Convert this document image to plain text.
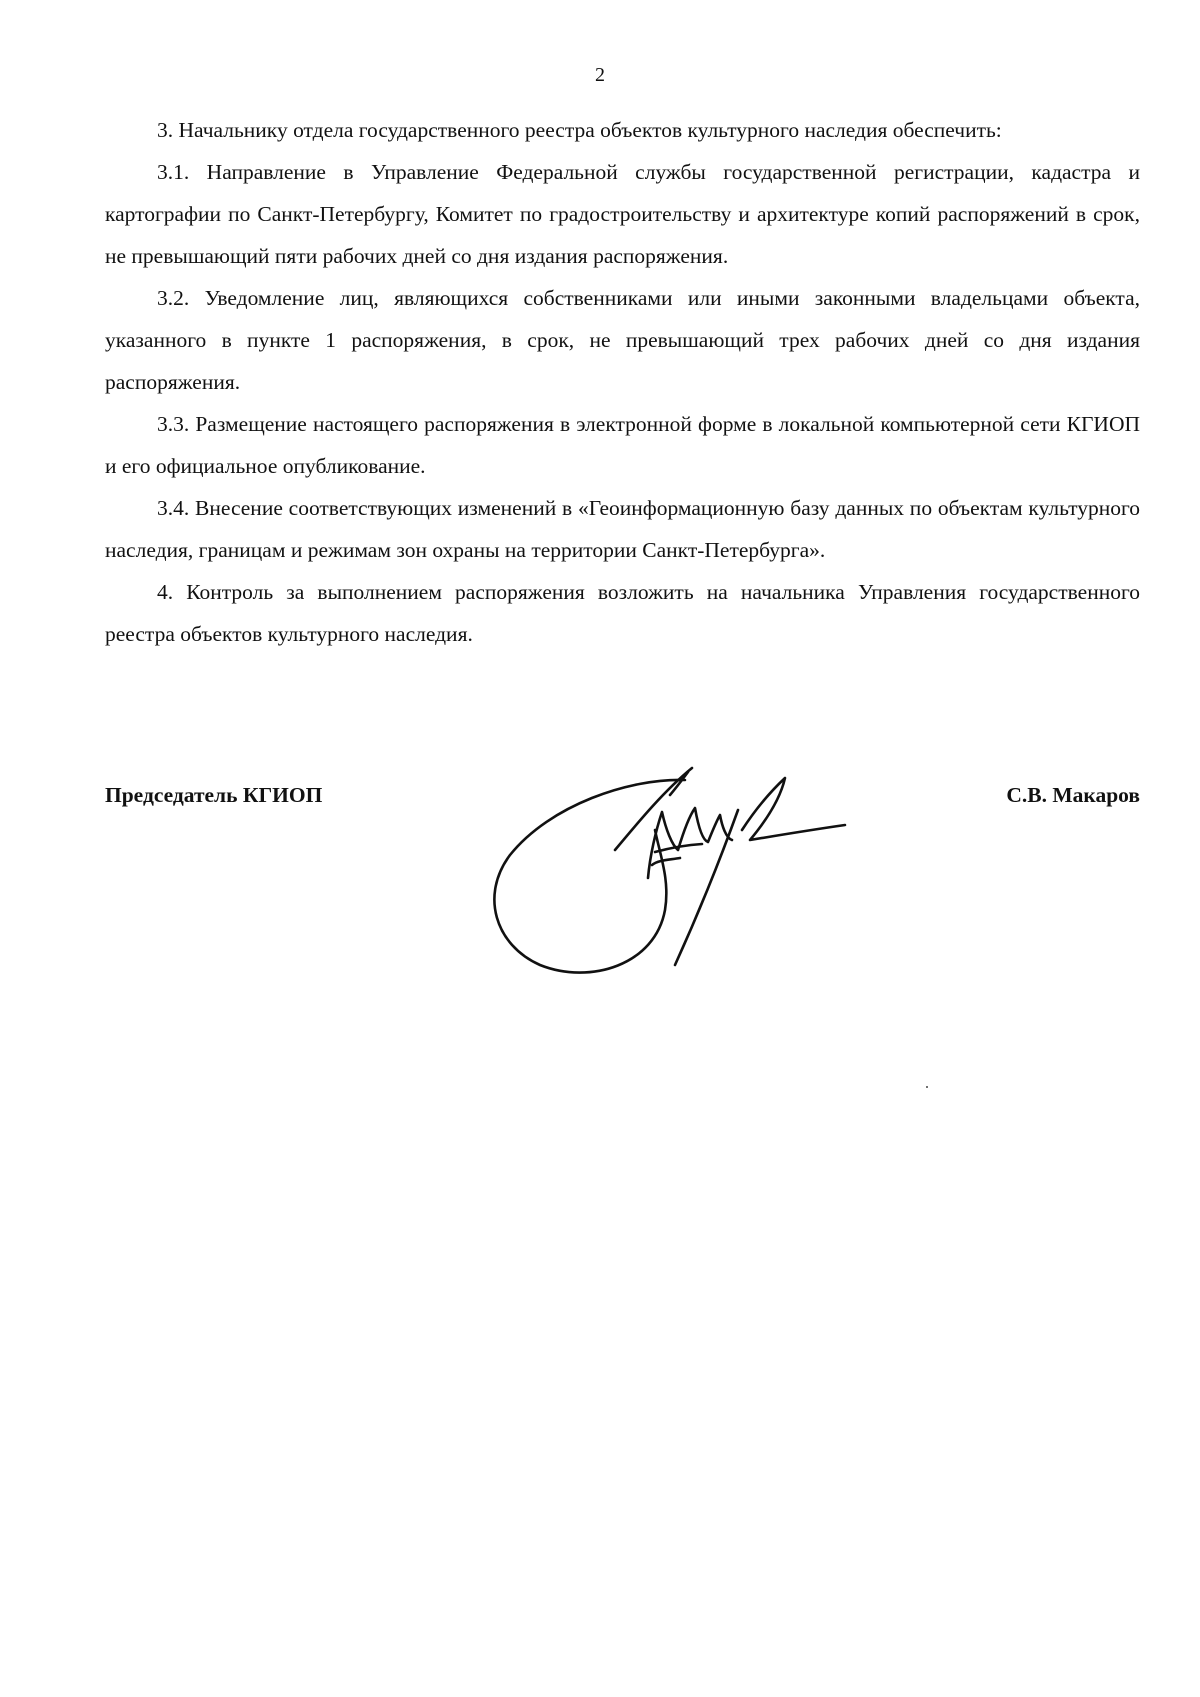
2

3. Начальнику отдела государственного реестра объектов культурного наследия обеспечить:

3.1. Направление в Управление Федеральной службы государственной регистрации, кадастра и картографии по Санкт-Петербургу, Комитет по градостроительству и архитектуре копий распоряжений в срок, не превышающий пяти рабочих дней со дня издания распоряжения.

3.2. Уведомление лиц, являющихся собственниками или иными законными владельцами объекта, указанного в пункте 1 распоряжения, в срок, не превышающий трех рабочих дней со дня издания распоряжения.

3.3. Размещение настоящего распоряжения в электронной форме в локальной компьютерной сети КГИОП и его официальное опубликование.

3.4. Внесение соответствующих изменений в «Геоинформационную базу данных по объектам культурного наследия, границам и режимам зон охраны на территории Санкт-Петербурга».

4. Контроль за выполнением распоряжения возложить на начальника Управления государственного реестра объектов культурного наследия.

Председатель КГИОП	С.В. Макаров
